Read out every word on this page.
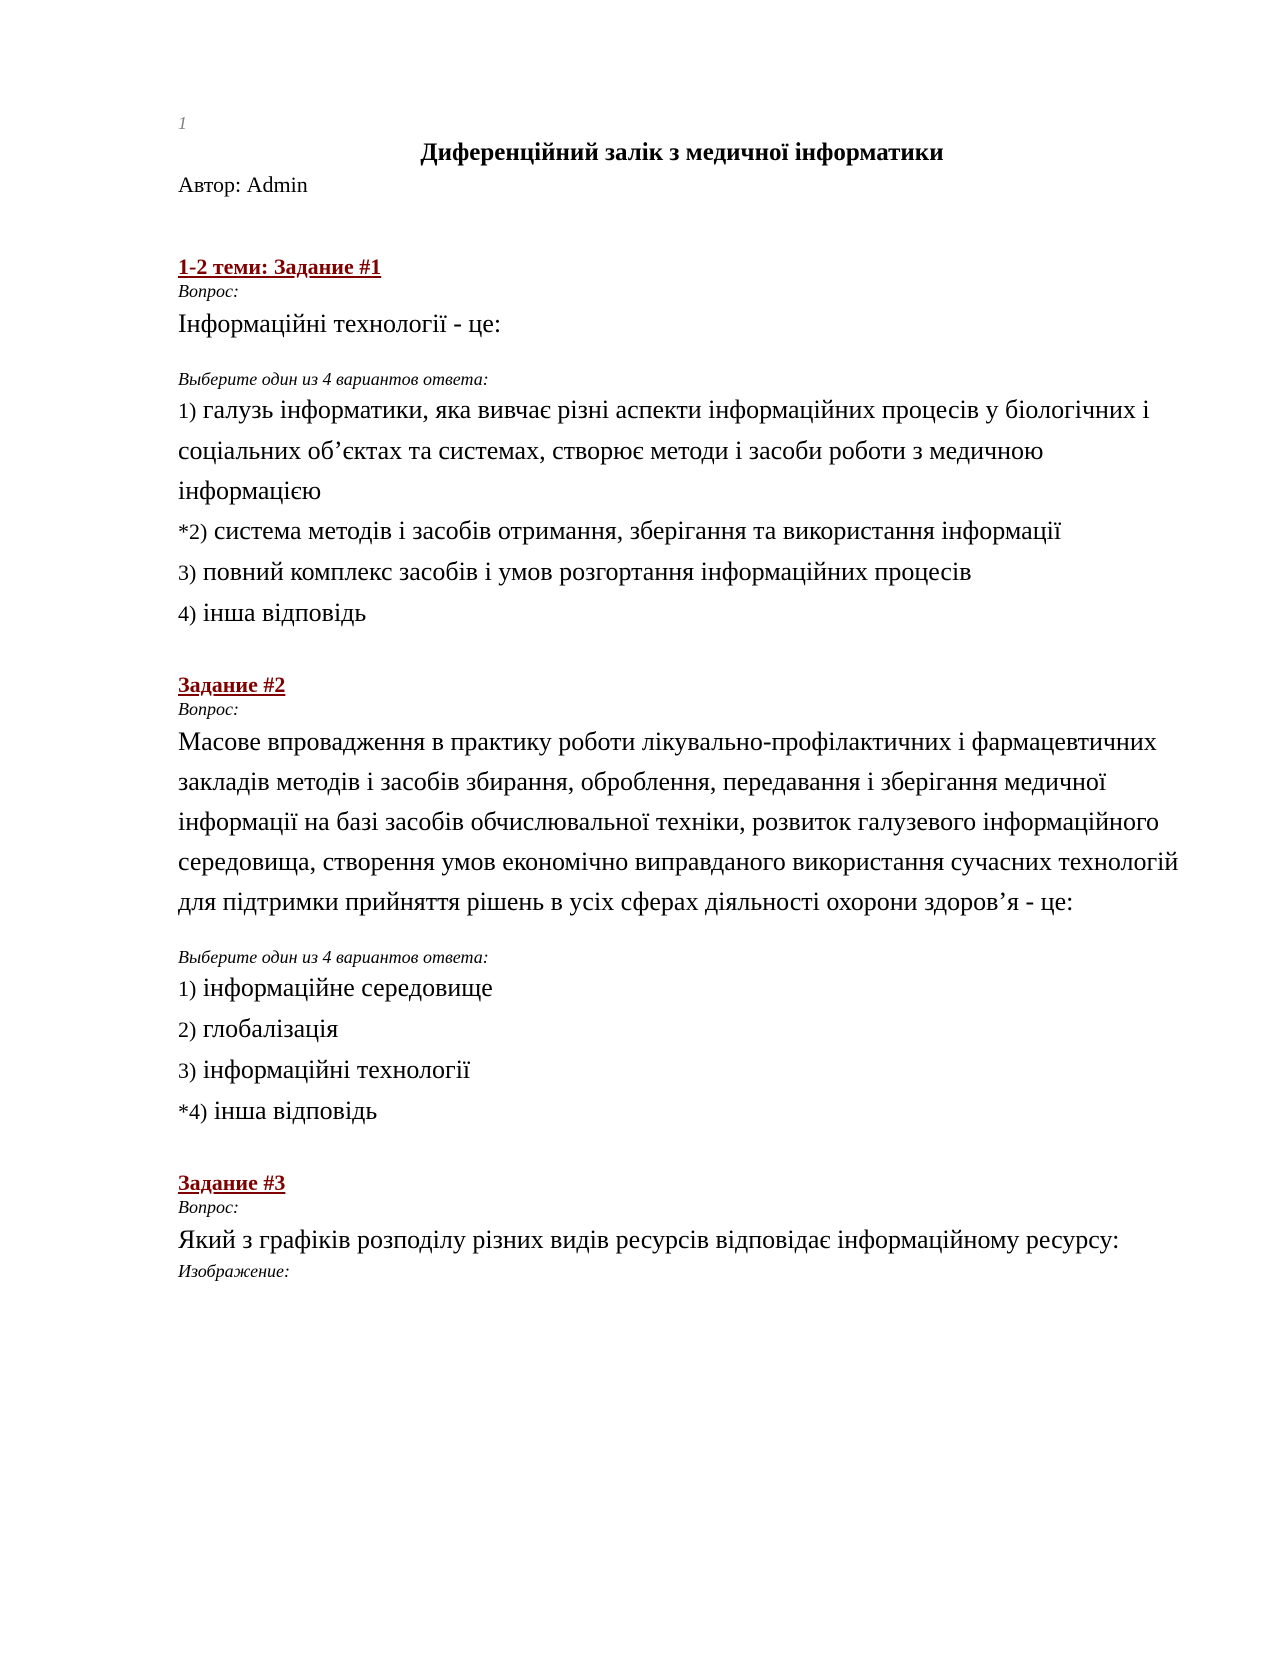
1
Диференційний залік з медичної інформатики
Автор: Admin
1-2 теми: Задание #1
Вопрос:
Інформаційні технології - це:
Выберите один из 4 вариантов ответа:
1) галузь інформатики, яка вивчає різні аспекти інформаційних процесів у біологічних і соціальних об’єктах та системах, створює методи і засоби роботи з медичною інформацією
*2) система методів і засобів отримання, зберігання та використання інформації
3) повний комплекс засобів і умов розгортання інформаційних процесів
4) інша відповідь
Задание #2
Вопрос:
Масове впровадження в практику роботи лікувально-профілактичних і фармацевтичних закладів методів і засобів збирання, оброблення, передавання і зберігання медичної інформації на базі засобів обчислювальної техніки, розвиток галузевого інформаційного середовища, створення умов економічно виправданого використання сучасних технологій для підтримки прийняття рішень в усіх сферах діяльності охорони здоров’я - це:
Выберите один из 4 вариантов ответа:
1) інформаційне середовище
2) глобалізація
3) інформаційні технології
*4) інша відповідь
Задание #3
Вопрос:
Який з графіків розподілу різних видів ресурсів відповідає інформаційному ресурсу:
Изображение:
